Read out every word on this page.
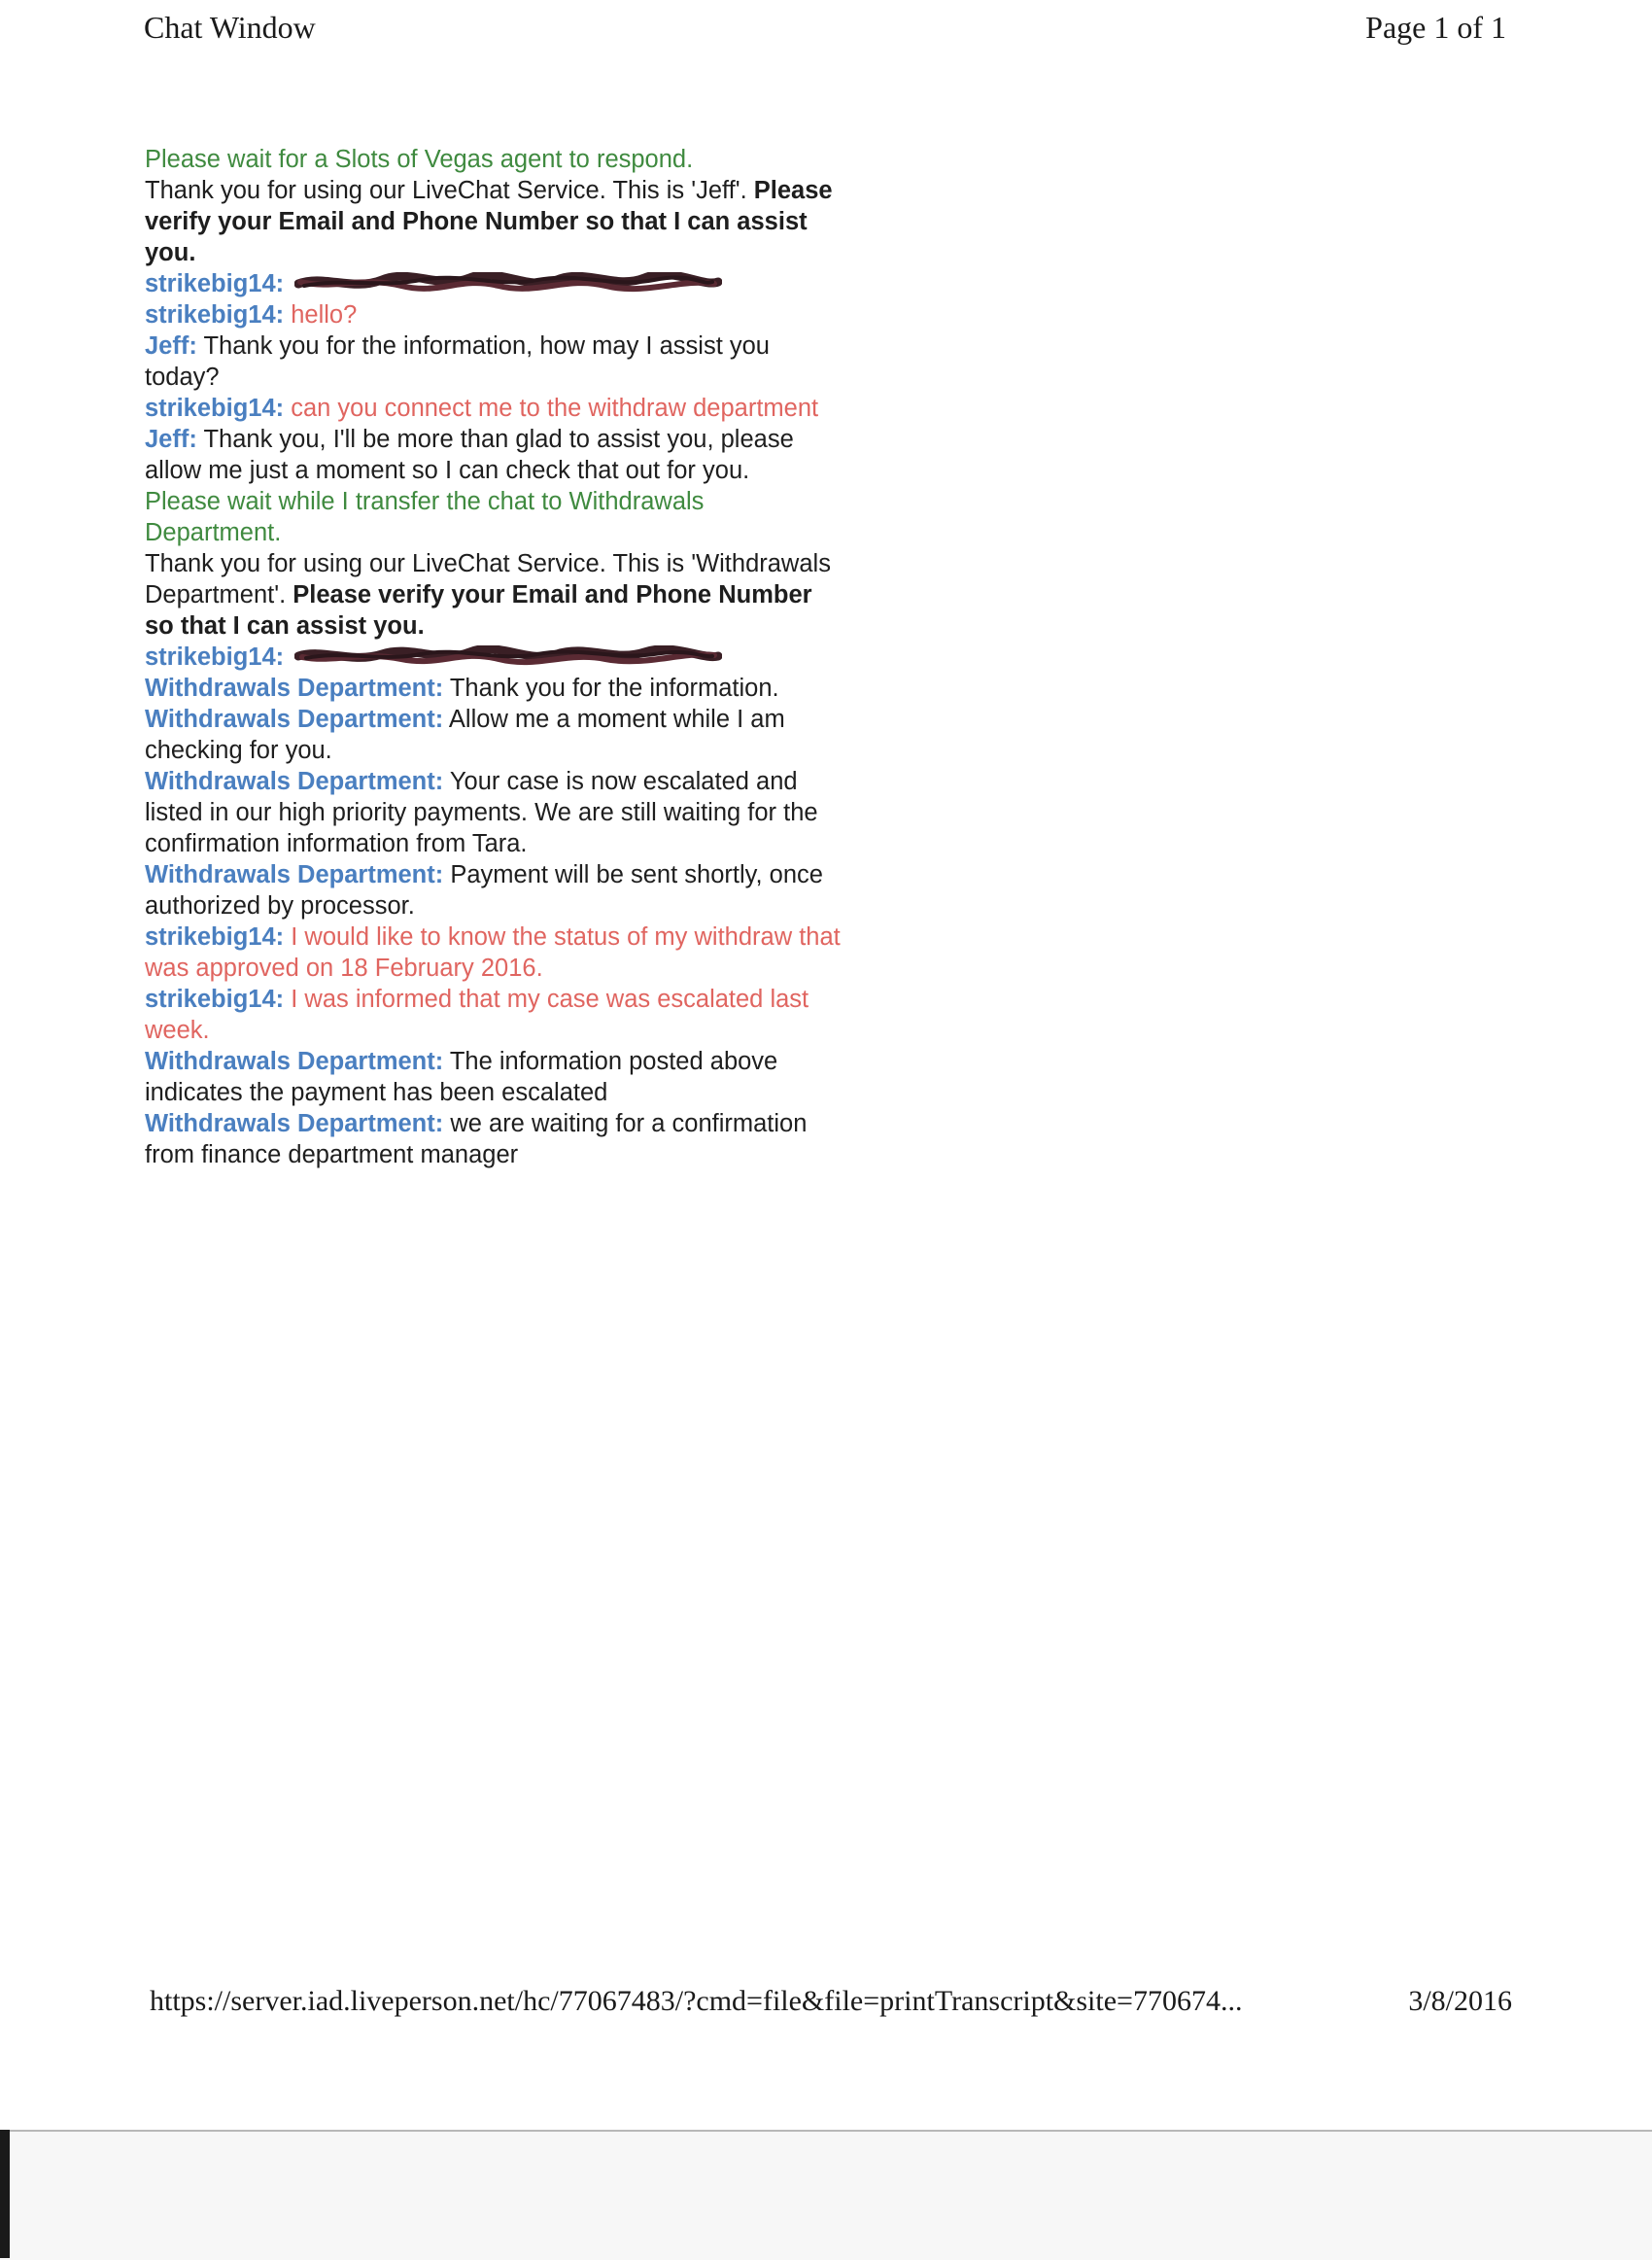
Chat Window	Page 1 of 1

Please wait for a Slots of Vegas agent to respond.

Thank you for using our LiveChat Service. This is 'Jeff'. Please verify your Email and Phone Number so that I can assist you.

strikebig14:

strikebig14: hello?

Jeff: Thank you for the information, how may I assist you today?

strikebig14: can you connect me to the withdraw department

Jeff: Thank you, I'll be more than glad to assist you, please allow me just a moment so I can check that out for you.

Please wait while I transfer the chat to Withdrawals Department.

Thank you for using our LiveChat Service. This is 'Withdrawals Department'. Please verify your Email and Phone Number so that I can assist you.

strikebig14:

Withdrawals Department: Thank you for the information.

Withdrawals Department: Allow me a moment while I am checking for you.

Withdrawals Department: Your case is now escalated and listed in our high priority payments. We are still waiting for the confirmation information from Tara.

Withdrawals Department: Payment will be sent shortly, once authorized by processor.

strikebig14: I would like to know the status of my withdraw that was approved on 18 February 2016.

strikebig14: I was informed that my case was escalated last week.

Withdrawals Department: The information posted above indicates the payment has been escalated

Withdrawals Department: we are waiting for a confirmation from finance department manager

https://server.iad.liveperson.net/hc/77067483/?cmd=file&file=printTranscript&site=770674...	3/8/2016
